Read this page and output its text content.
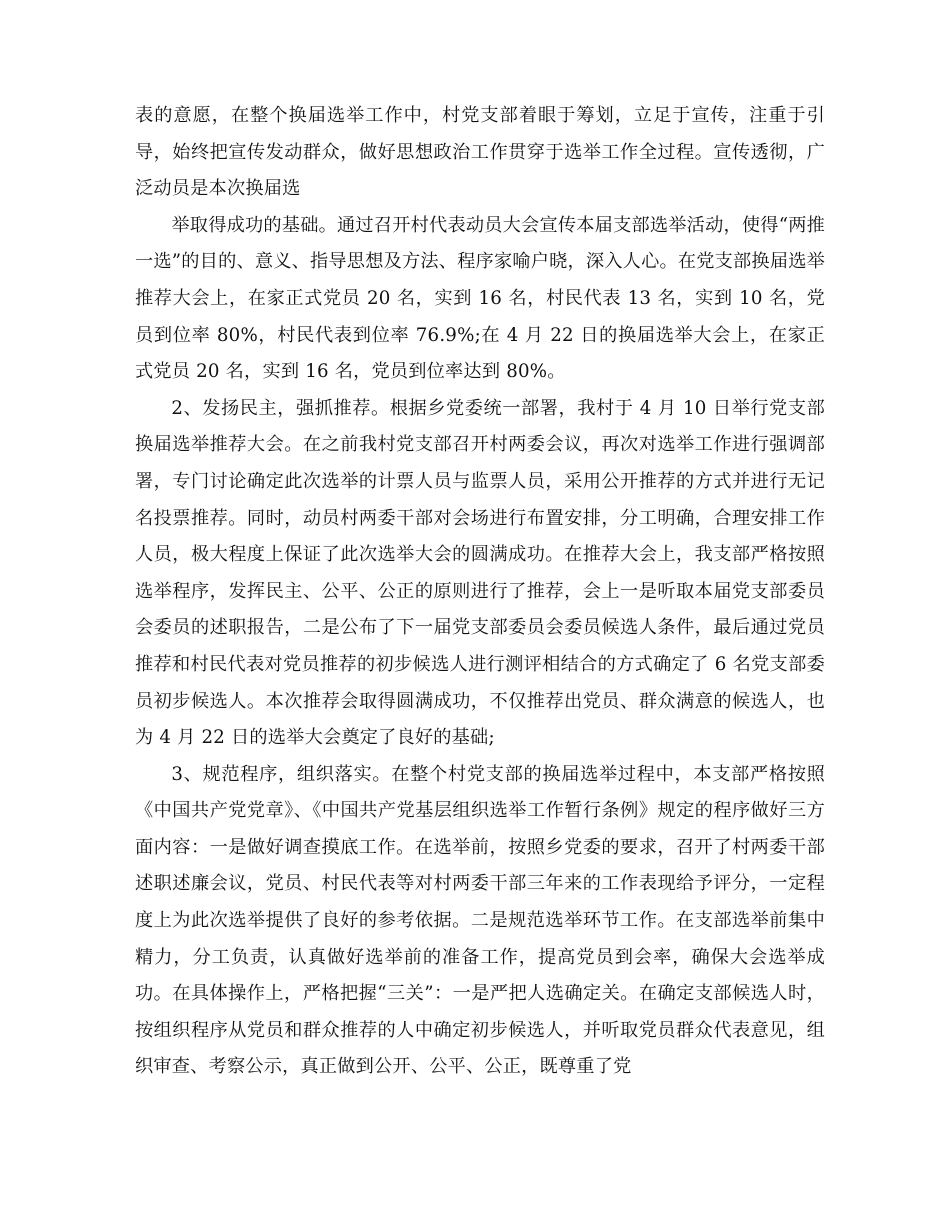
表的意愿，在整个换届选举工作中，村党支部着眼于筹划，立足于宣传，注重于引导，始终把宣传发动群众，做好思想政治工作贯穿于选举工作全过程。宣传透彻，广泛动员是本次换届选

举取得成功的基础。通过召开村代表动员大会宣传本届支部选举活动，使得“两推一选”的目的、意义、指导思想及方法、程序家喻户晓，深入人心。在党支部换届选举推荐大会上，在家正式党员 20 名，实到 16 名，村民代表 13 名，实到 10 名，党员到位率 80%，村民代表到位率 76.9%;在 4 月 22 日的换届选举大会上，在家正式党员 20 名，实到 16 名，党员到位率达到 80%。

2、发扬民主，强抓推荐。根据乡党委统一部署，我村于 4 月 10 日举行党支部换届选举推荐大会。在之前我村党支部召开村两委会议，再次对选举工作进行强调部署，专门讨论确定此次选举的计票人员与监票人员，采用公开推荐的方式并进行无记名投票推荐。同时，动员村两委干部对会场进行布置安排，分工明确，合理安排工作人员，极大程度上保证了此次选举大会的圆满成功。在推荐大会上，我支部严格按照选举程序，发挥民主、公平、公正的原则进行了推荐，会上一是听取本届党支部委员会委员的述职报告，二是公布了下一届党支部委员会委员候选人条件，最后通过党员推荐和村民代表对党员推荐的初步候选人进行测评相结合的方式确定了 6 名党支部委员初步候选人。本次推荐会取得圆满成功，不仅推荐出党员、群众满意的候选人，也为 4 月 22 日的选举大会奠定了良好的基础;

3、规范程序，组织落实。在整个村党支部的换届选举过程中，本支部严格按照《中国共产党党章》、《中国共产党基层组织选举工作暂行条例》规定的程序做好三方面内容：一是做好调查摸底工作。在选举前，按照乡党委的要求，召开了村两委干部述职述廉会议，党员、村民代表等对村两委干部三年来的工作表现给予评分，一定程度上为此次选举提供了良好的参考依据。二是规范选举环节工作。在支部选举前集中精力，分工负责，认真做好选举前的准备工作，提高党员到会率，确保大会选举成功。在具体操作上，严格把握“三关”：一是严把人选确定关。在确定支部候选人时，按组织程序从党员和群众推荐的人中确定初步候选人，并听取党员群众代表意见，组织审查、考察公示，真正做到公开、公平、公正，既尊重了党
